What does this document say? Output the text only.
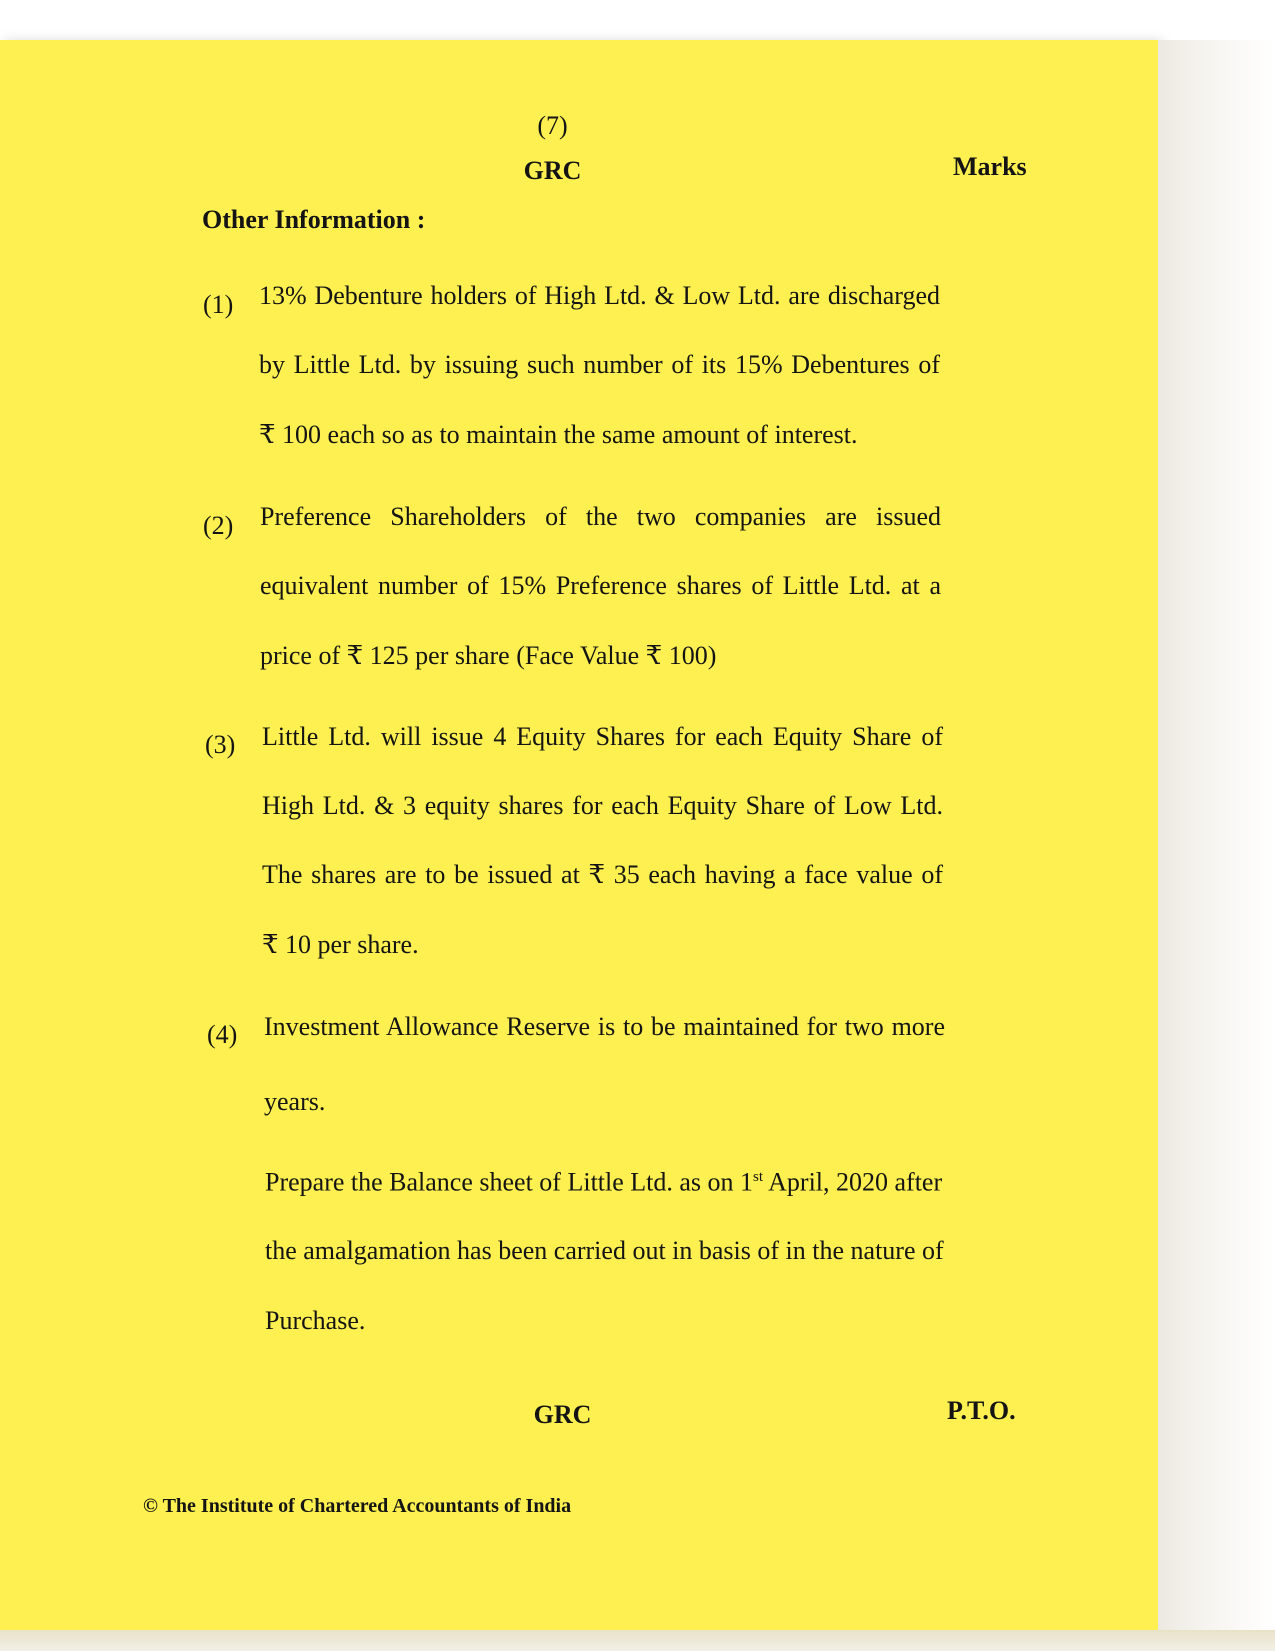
(7)
GRC	Marks
Other Information :
(1) 13% Debenture holders of High Ltd. & Low Ltd. are discharged
by Little Ltd. by issuing such number of its 15% Debentures of
₹ 100 each so as to maintain the same amount of interest.
(2) Preference Shareholders of the two companies are issued
equivalent number of 15% Preference shares of Little Ltd. at a
price of ₹ 125 per share (Face Value ₹ 100)
(3) Little Ltd. will issue 4 Equity Shares for each Equity Share of
High Ltd. & 3 equity shares for each Equity Share of Low Ltd.
The shares are to be issued at ₹ 35 each having a face value of
₹ 10 per share.
(4) Investment Allowance Reserve is to be maintained for two more
years.
Prepare the Balance sheet of Little Ltd. as on 1st April, 2020 after
the amalgamation has been carried out in basis of in the nature of
Purchase.
GRC	P.T.O.
© The Institute of Chartered Accountants of India
